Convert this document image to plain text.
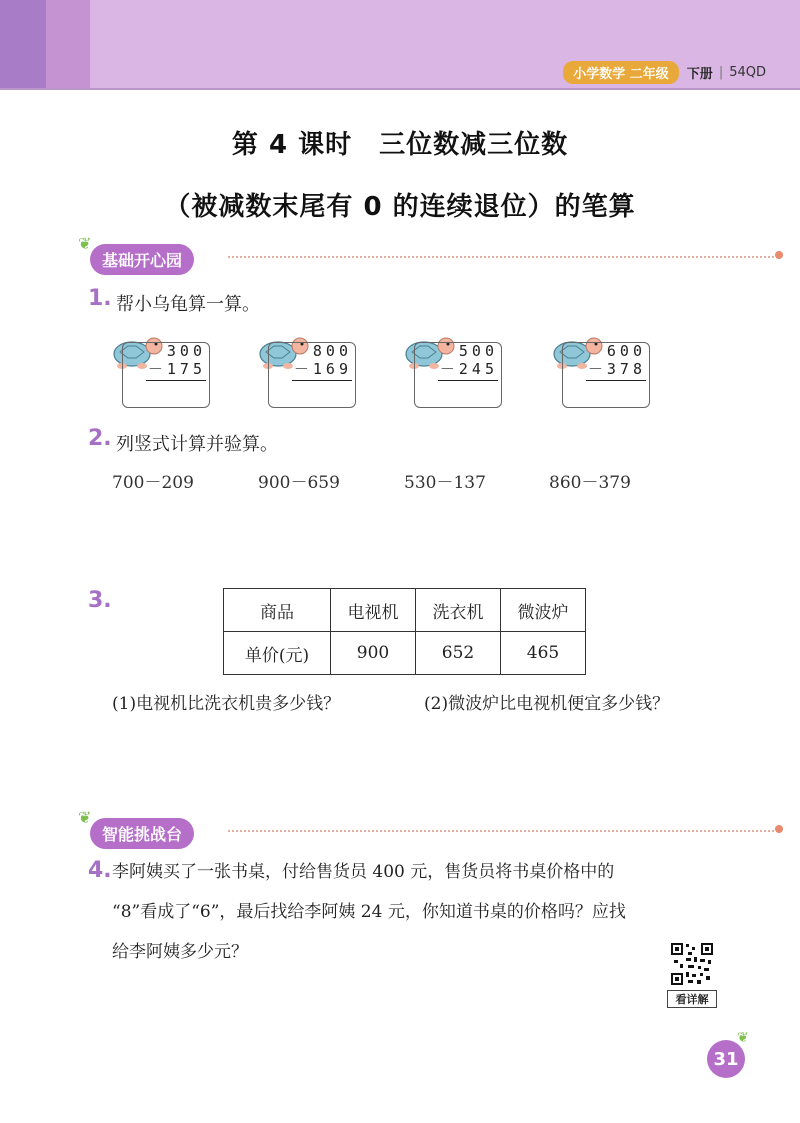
小学数学 二年级	下册 | 54QD
第 4 课时　三位数减三位数
（被减数末尾有 0 的连续退位）的笔算
❦
基础开心园
1. 帮小乌龟算一算。
300
－175
800
－169
500
－245
600
－378
2. 列竖式计算并验算。
700－209	900－659	530－137	860－379
3.	商品	电视机	洗衣机	微波炉
单价(元)	900	652	465
(1)电视机比洗衣机贵多少钱？	(2)微波炉比电视机便宜多少钱？
❦
智能挑战台
4. 李阿姨买了一张书桌，付给售货员 400 元，售货员将书桌价格中的
“8”看成了“6”，最后找给李阿姨 24 元，你知道书桌的价格吗？应找
给李阿姨多少元？
看详解
31
❦
